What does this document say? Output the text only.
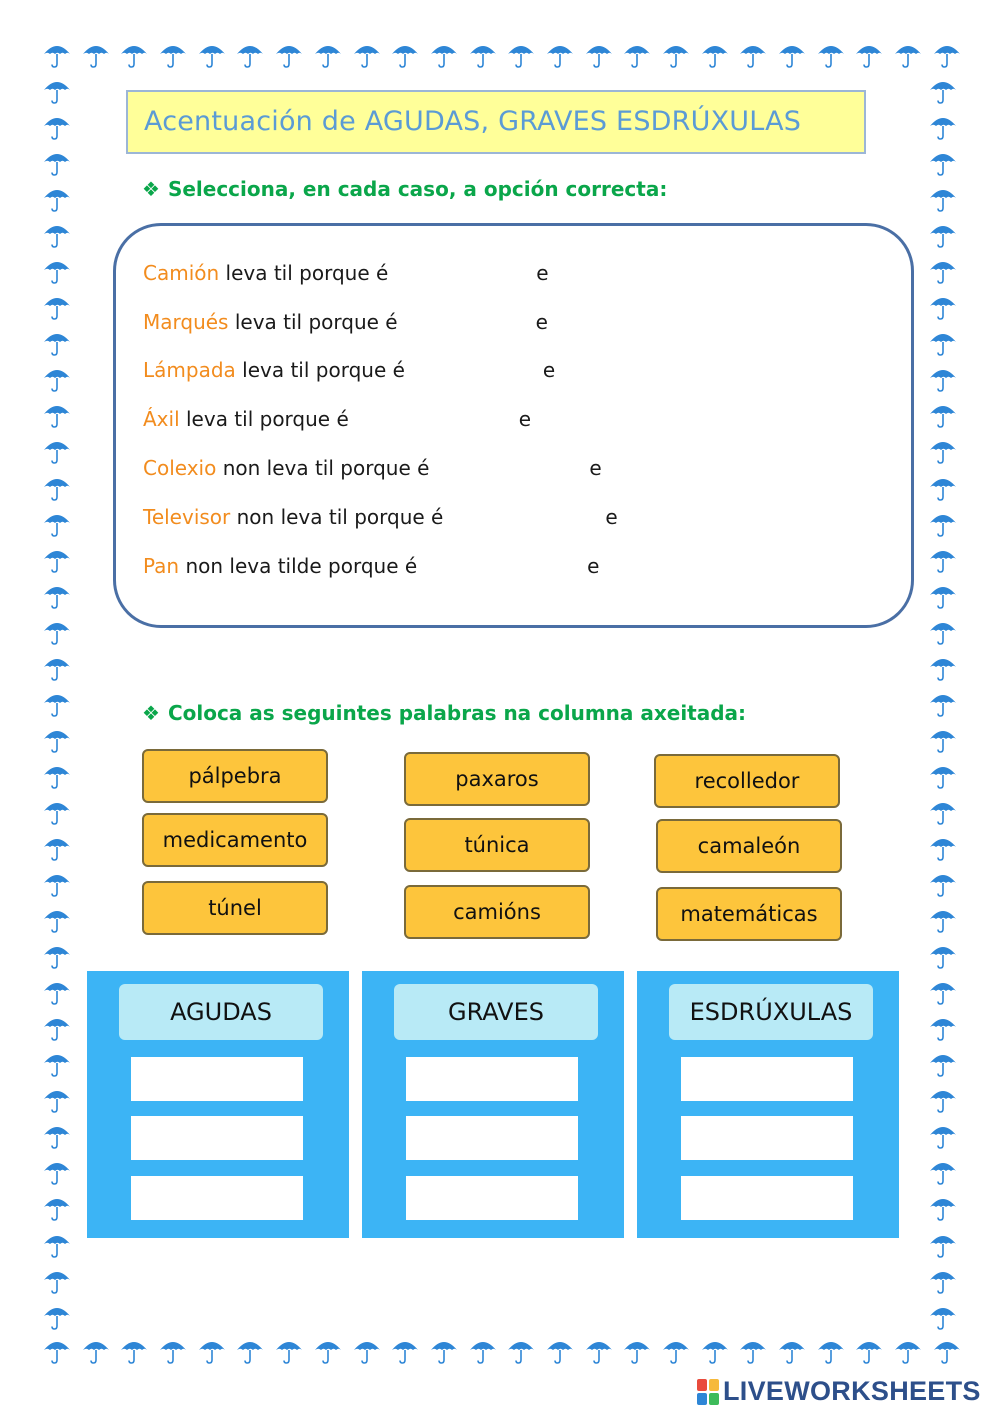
Acentuación de AGUDAS, GRAVES ESDRÚXULAS
❖ Selecciona, en cada caso, a opción correcta:
Camión leva til porque é	e
Marqués leva til porque é	e
Lámpada leva til porque é	e
Áxil leva til porque é	e
Colexio non leva til porque é	e
Televisor non leva til porque é	e
Pan non leva tilde porque é	e
❖ Coloca as seguintes palabras na columna axeitada:
pálpebra
medicamento
túnel
paxaros
túnica
camións
recolledor
camaleón
matemáticas
AGUDAS	GRAVES	ESDRÚXULAS
LIVEWORKSHEETS
